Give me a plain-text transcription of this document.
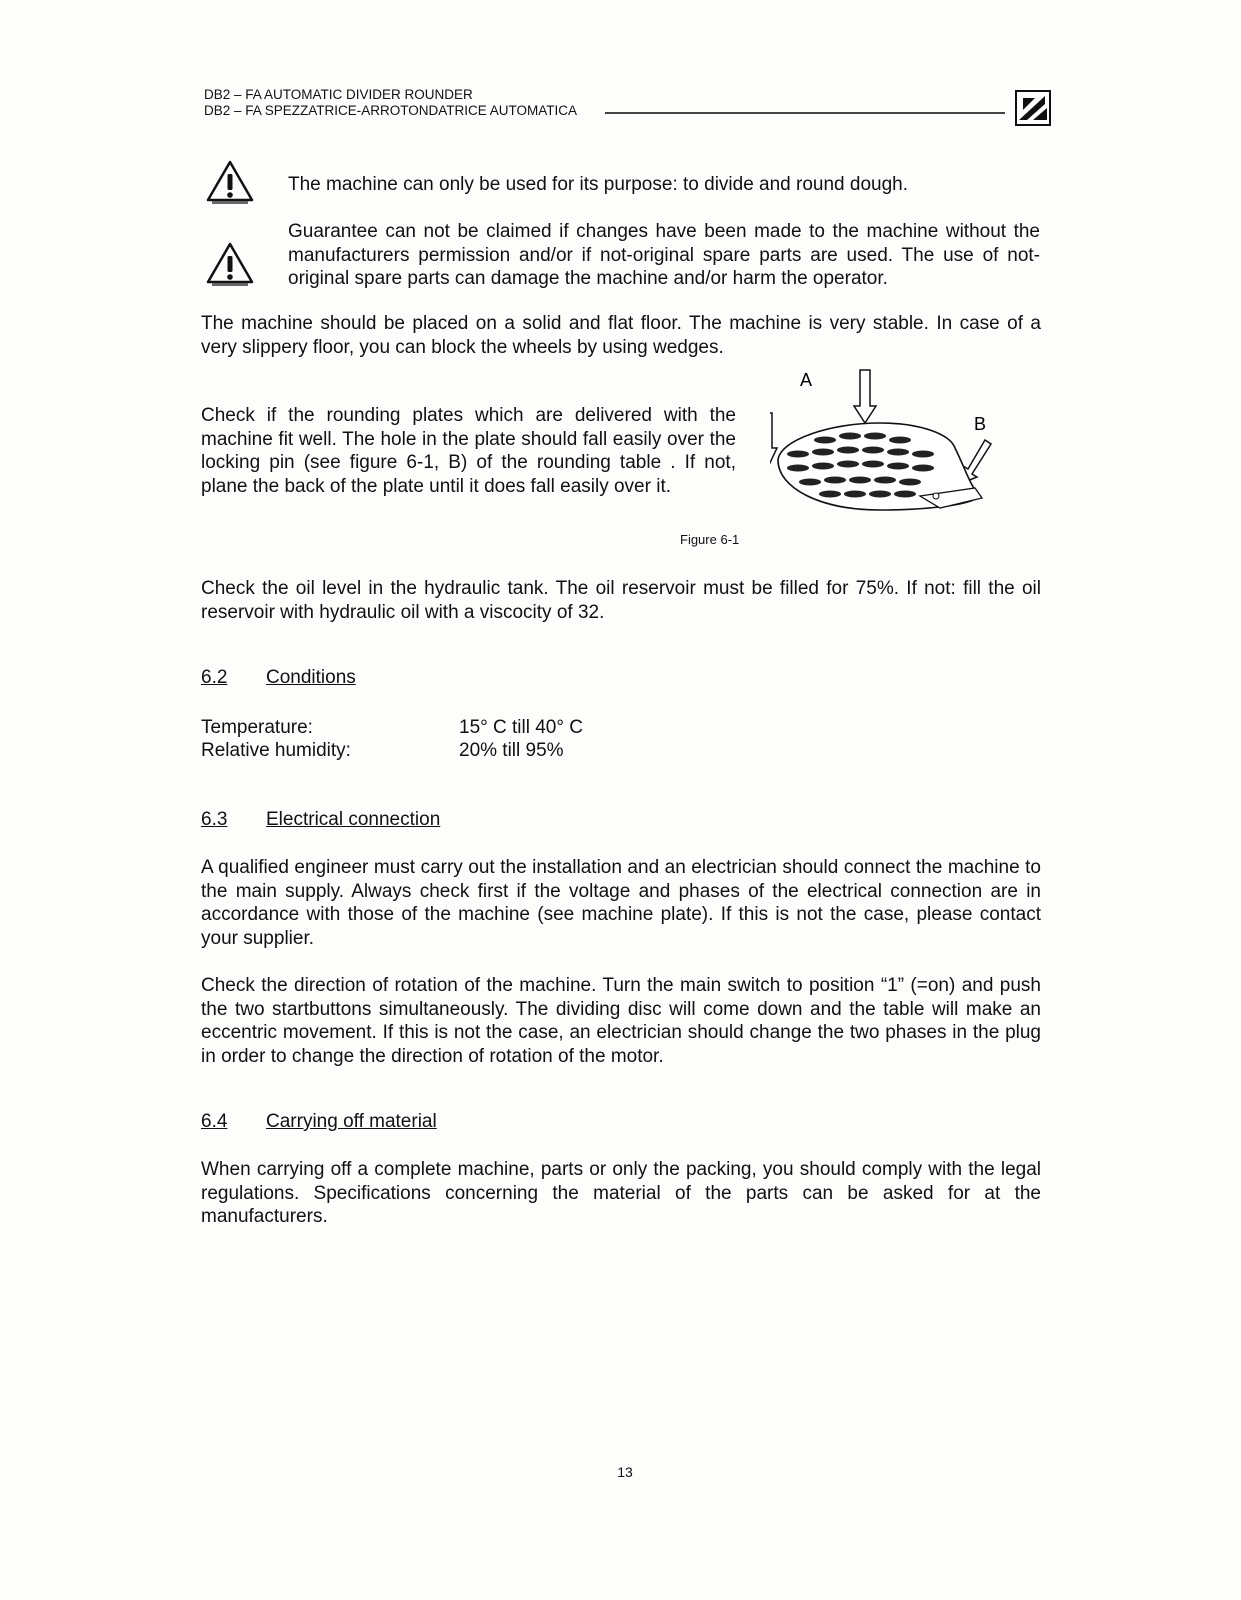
DB2 – FA AUTOMATIC DIVIDER ROUNDER
DB2 – FA SPEZZATRICE-ARROTONDATRICE AUTOMATICA
The machine can only be used for its purpose: to divide and round dough.
Guarantee can not be claimed if changes have been made to the machine without the manufacturers permission and/or if not-original spare parts are used. The use of not-original spare parts can damage the machine and/or harm the operator.
The machine should be placed on a solid and flat floor. The machine is very stable. In case of a very slippery floor, you can block the wheels by using wedges.
Check if the rounding plates which are delivered with the machine fit well. The hole in the plate should fall easily over the locking pin (see figure 6-1, B) of the rounding table . If not, plane the back of the plate until it does fall easily over it.
A
B
Figure 6-1
Check the oil level in the hydraulic tank. The oil reservoir must be filled for 75%. If not: fill the oil reservoir with hydraulic oil with a viscocity of 32.
6.2 Conditions
Temperature:	15° C till 40° C
Relative humidity:	20% till 95%
6.3 Electrical connection
A qualified engineer must carry out the installation and an electrician should connect the machine to the main supply. Always check first if the voltage and phases of the electrical connection are in accordance with those of the machine (see machine plate). If this is not the case, please contact your supplier.
Check the direction of rotation of the machine. Turn the main switch to position “1” (=on) and push the two startbuttons simultaneously. The dividing disc will come down and the table will make an eccentric movement. If this is not the case, an electrician should change the two phases in the plug in order to change the direction of rotation of the motor.
6.4 Carrying off material
When carrying off a complete machine, parts or only the packing, you should comply with the legal regulations. Specifications concerning the material of the parts can be asked for at the manufacturers.
13
